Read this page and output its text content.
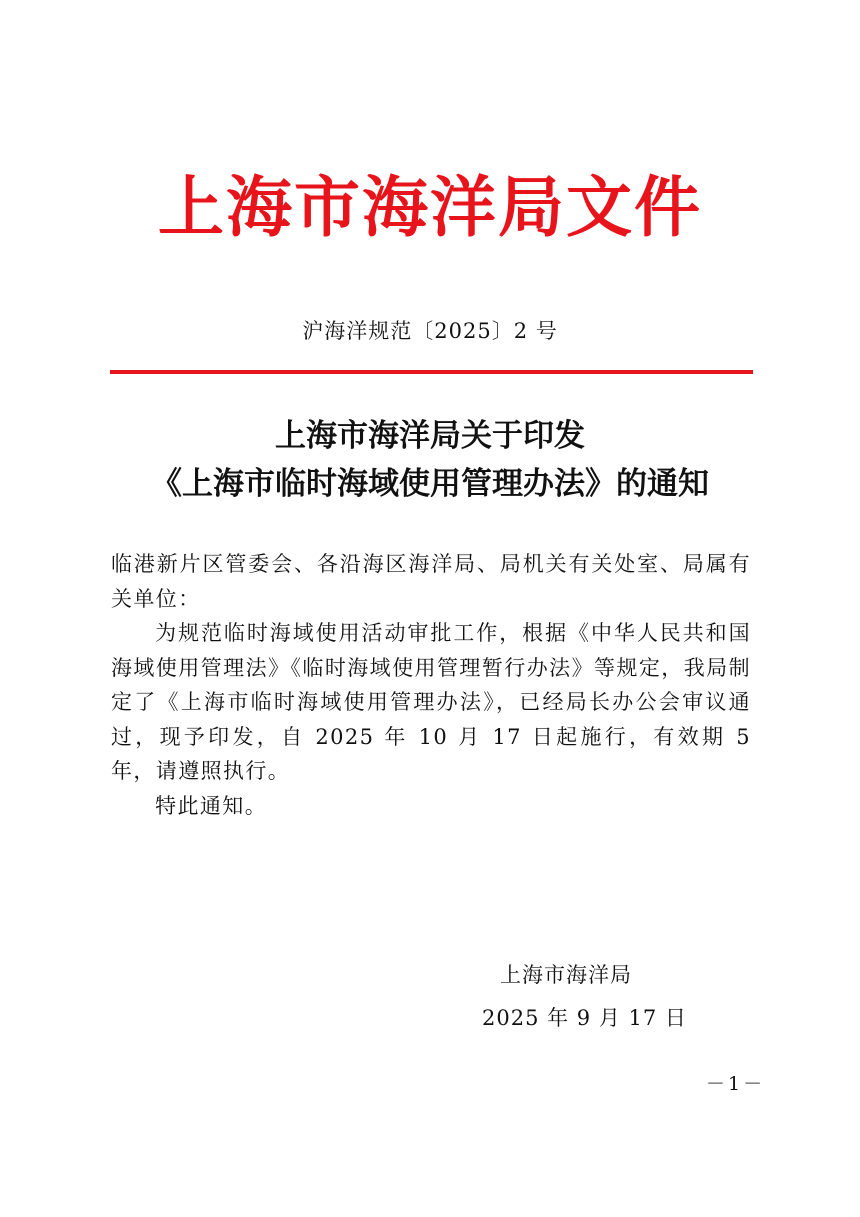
上海市海洋局文件
沪海洋规范〔2025〕2 号
上海市海洋局关于印发
《上海市临时海域使用管理办法》的通知

临港新片区管委会、各沿海区海洋局、局机关有关处室、局属有关单位：

为规范临时海域使用活动审批工作，根据《中华人民共和国海域使用管理法》《临时海域使用管理暂行办法》等规定，我局制定了《上海市临时海域使用管理办法》，已经局长办公会审议通过，现予印发，自 2025 年 10 月 17 日起施行，有效期 5 年，请遵照执行。

特此通知。

上海市海洋局
2025 年 9 月 17 日
－1－
